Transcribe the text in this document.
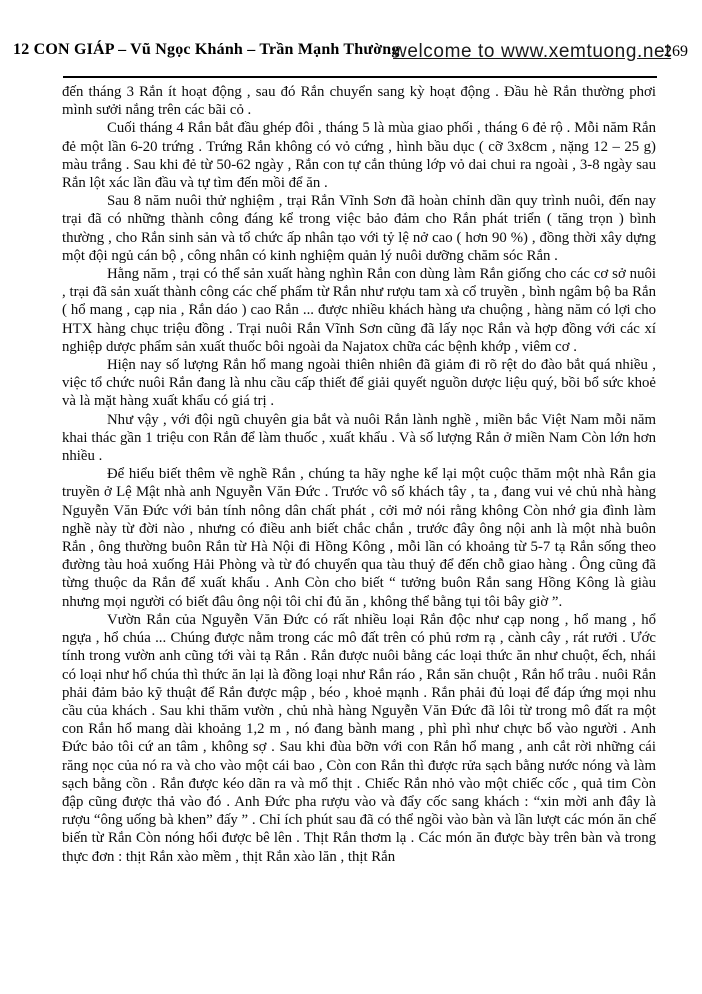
12 CON GIÁP – Vũ Ngọc Khánh – Trần Mạnh Thường
welcome to www.xemtuong.net
269

đến tháng 3 Rắn ít hoạt động , sau đó Rắn chuyển sang kỳ hoạt động . Đầu hè Rắn thường phơi mình sưởi nắng trên các bãi cỏ .

Cuối tháng 4 Rắn bắt đầu ghép đôi , tháng 5 là mùa giao phối , tháng 6 đẻ rộ . Mỗi năm Rắn đẻ một lần 6-20 trứng . Trứng Rắn không có vỏ cứng , hình bầu dục ( cỡ 3x8cm , nặng 12 – 25 g) màu trắng . Sau khi đẻ từ 50-62 ngày , Rắn con tự cắn thủng lớp vỏ dai chui ra ngoài , 3-8 ngày sau Rắn lột xác lần đầu và tự tìm đến mồi để ăn .

Sau 8 năm nuôi thử nghiệm , trại Rắn Vĩnh Sơn đã hoàn chỉnh dần quy trình nuôi, đến nay trại đã có những thành công đáng kể trong việc bảo đảm cho Rắn phát triển ( tăng trọn ) bình thường , cho Rắn sinh sản và tổ chức ấp nhân tạo với tỷ lệ nở cao ( hơn 90 %) , đồng thời xây dựng một đội ngủ cán bộ , công nhân có kinh nghiệm quản lý nuôi dưỡng chăm sóc Rắn .

Hằng năm , trại có thể sản xuất hàng nghìn Rắn con dùng làm Rắn giống cho các cơ sở nuôi , trại đã sản xuất thành công các chế phẩm từ Rắn như rượu tam xà cổ truyền , bình ngâm bộ ba Rắn ( hổ mang , cạp nia , Rắn dáo ) cao Rắn ... được nhiều khách hàng ưa chuộng , hàng năm có lợi cho HTX hàng chục triệu đồng . Trại nuôi Rắn Vĩnh Sơn cũng đã lấy nọc Rắn và hợp đồng với các xí nghiệp dược phẩm sản xuất thuốc bôi ngoài da Najatox chữa các bệnh khớp , viêm cơ .

Hiện nay số lượng Rắn hổ mang ngoài thiên nhiên đã giảm đi rõ rệt do đào bắt quá nhiều , việc tổ chức nuôi Rắn đang là nhu cầu cấp thiết để giải quyết nguồn dược liệu quý, bồi bổ sức khoẻ và là mặt hàng xuất khẩu có giá trị .

Như vậy , với đội ngũ chuyên gia bắt và nuôi Rắn lành nghề , miền bắc Việt Nam mỗi năm khai thác gần 1 triệu con Rắn để làm thuốc , xuất khẩu . Và số lượng Rắn ở miền Nam Còn lớn hơn nhiều .

Để hiểu biết thêm về nghề Rắn , chúng ta hãy nghe kể lại một cuộc thăm một nhà Rắn gia truyền ở Lệ Mật nhà anh Nguyễn Văn Đức . Trước vô số khách tây , ta , đang vui vẻ chủ nhà hàng Nguyễn Văn Đức với bản tính nông dân chất phát , cởi mở nói rằng không Còn nhớ gia đình làm nghề này từ đời nào , nhưng có điều anh biết chắc chắn , trước đây ông nội anh là một nhà buôn Rắn , ông thường buôn Rắn từ Hà Nội đi Hồng Kông , mỗi lần có khoảng từ 5-7 tạ Rắn sống theo đường tàu hoả xuống Hải Phòng và từ đó chuyển qua tàu thuỷ để đến chỗ giao hàng . Ông cũng đã từng thuộc da Rắn để xuất khẩu . Anh Còn cho biết “ tưởng buôn Rắn sang Hồng Kông là giàu nhưng mọi người có biết đâu ông nội tôi chỉ đủ ăn , không thể bằng tụi tôi bây giờ ”.

Vườn Rắn của Nguyễn Văn Đức có rất nhiều loại Rắn độc như cạp nong , hổ mang , hổ ngựa , hổ chúa ... Chúng được nằm trong các mô đất trên có phủ rơm rạ , cành cây , rát rưởi . Ước tính trong vườn anh cũng tới vài tạ Rắn . Rắn được nuôi bằng các loại thức ăn như chuột, ếch, nhái có loại như hổ chúa thì thức ăn lại là đồng loại như Rắn ráo , Rắn săn chuột , Rắn hổ trâu . nuôi Rắn phải đảm bảo kỹ thuật để Rắn được mập , béo , khoẻ mạnh . Rắn phải đủ loại để đáp ứng mọi nhu cầu của khách . Sau khi thăm vườn , chủ nhà hàng Nguyễn Văn Đức đã lôi từ trong mô đất ra một con Rắn hổ mang dài khoảng 1,2 m , nó đang bành mang , phì phì như chực bổ vào người . Anh Đức bảo tôi cứ an tâm , không sợ . Sau khi đùa bỡn với con Rắn hổ mang , anh cắt rời những cái răng nọc của nó ra và cho vào một cái bao , Còn con Rắn thì được rửa sạch bằng nước nóng và làm sạch bằng cồn . Rắn được kéo dãn ra và mổ thịt . Chiếc Rắn nhỏ vào một chiếc cốc , quả tim Còn đập cũng được thả vào đó . Anh Đức pha rượu vào và đẩy cốc sang khách : “xin mời anh đây là rượu “ông uống bà khen” đấy ” . Chỉ ích phút sau đã có thể ngồi vào bàn và lần lượt các món ăn chế biến từ Rắn Còn nóng hổi được bê lên . Thịt Rắn thơm lạ . Các món ăn được bày trên bàn và trong thực đơn : thịt Rắn xào mềm , thịt Rắn xào lăn , thịt Rắn
